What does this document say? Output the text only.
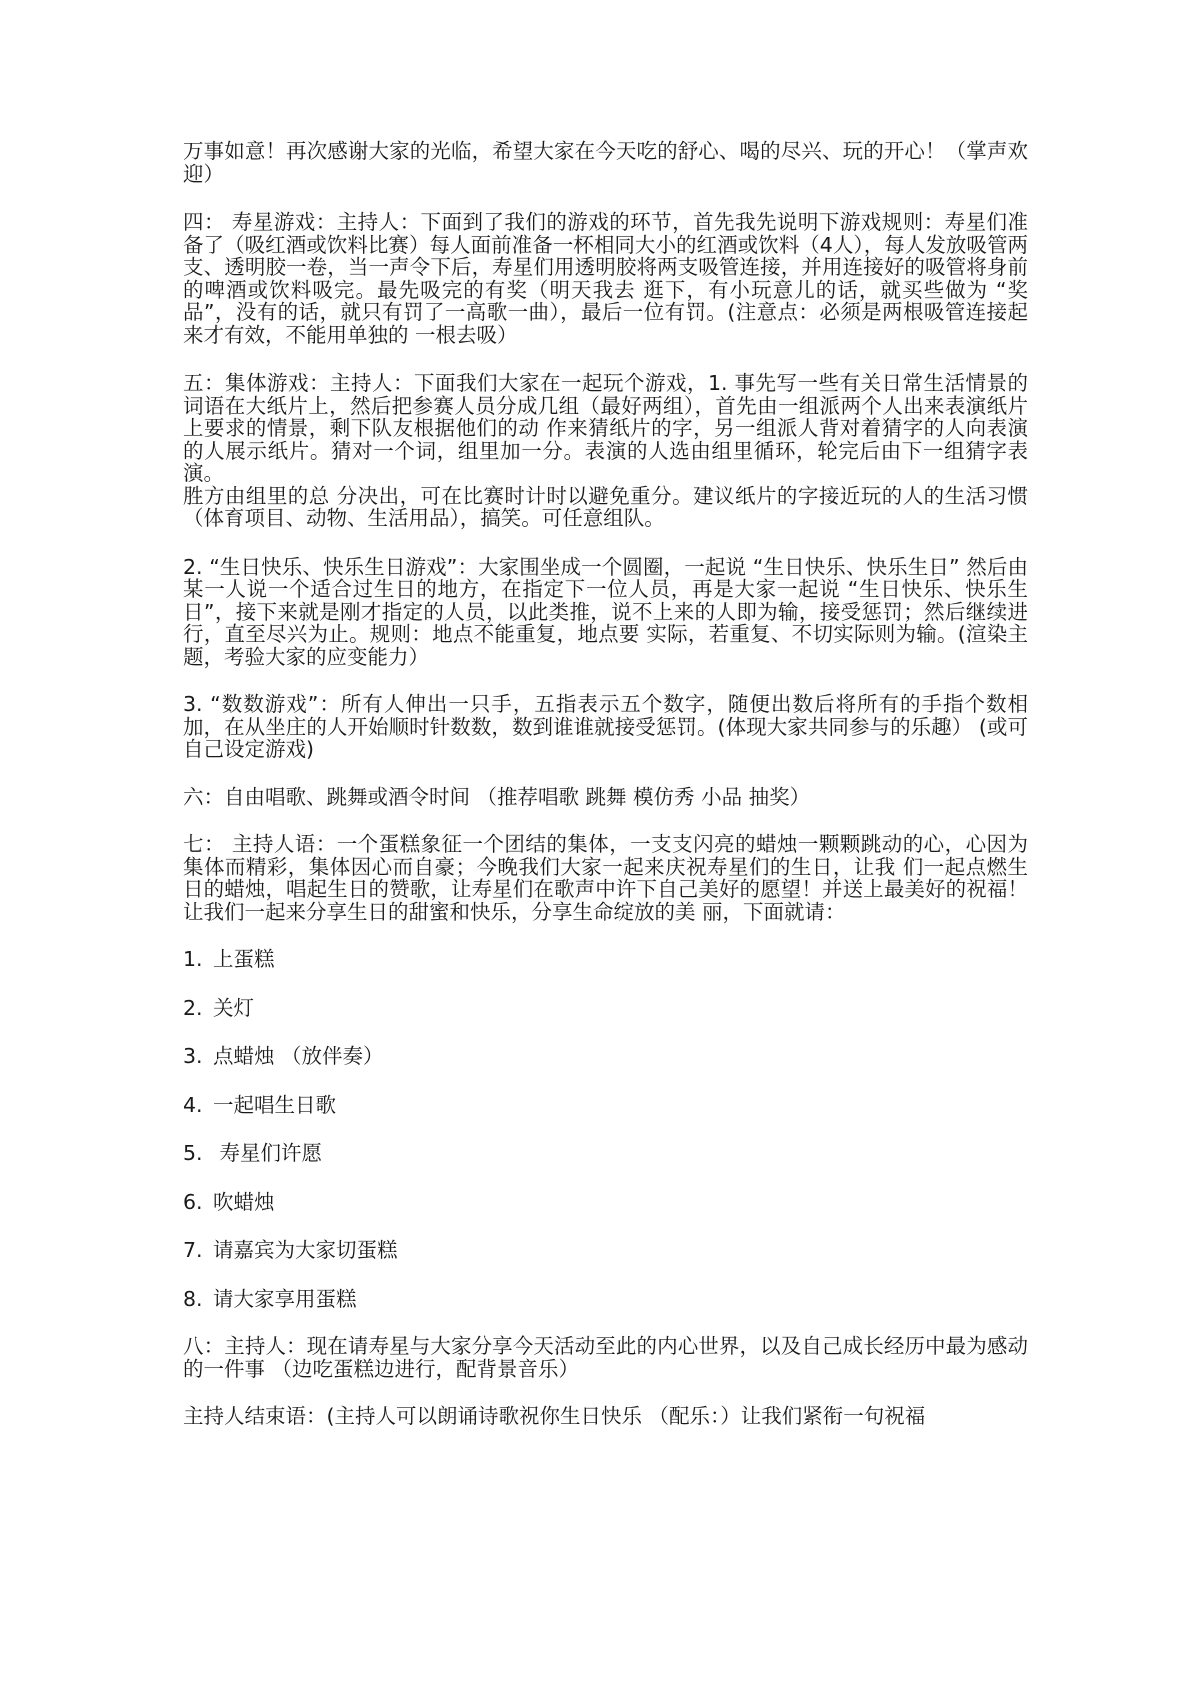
万事如意！再次感谢大家的光临，希望大家在今天吃的舒心、喝的尽兴、玩的开心！（掌声欢迎）

四： 寿星游戏：主持人：下面到了我们的游戏的环节，首先我先说明下游戏规则：寿星们准备了（吸红酒或饮料比赛）每人面前准备一杯相同大小的红酒或饮料（4人），每人发放吸管两支、透明胶一卷，当一声令下后，寿星们用透明胶将两支吸管连接，并用连接好的吸管将身前的啤酒或饮料吸完。最先吸完的有奖（明天我去 逛下，有小玩意儿的话，就买些做为 “奖品”，没有的话，就只有罚了一高歌一曲），最后一位有罚。(注意点：必须是两根吸管连接起来才有效，不能用单独的 一根去吸）

五：集体游戏：主持人：下面我们大家在一起玩个游戏，1. 事先写一些有关日常生活情景的词语在大纸片上，然后把参赛人员分成几组（最好两组），首先由一组派两个人出来表演纸片上要求的情景，剩下队友根据他们的动 作来猜纸片的字，另一组派人背对着猜字的人向表演的人展示纸片。猜对一个词，组里加一分。表演的人选由组里循环，轮完后由下一组猜字表演。

胜方由组里的总 分决出，可在比赛时计时以避免重分。建议纸片的字接近玩的人的生活习惯（体育项目、动物、生活用品），搞笑。可任意组队。

2. “生日快乐、快乐生日游戏”：大家围坐成一个圆圈，一起说 “生日快乐、快乐生日” 然后由某一人说一个适合过生日的地方，在指定下一位人员，再是大家一起说 “生日快乐、快乐生日”，接下来就是刚才指定的人员，以此类推，说不上来的人即为输，接受惩罚；然后继续进行，直至尽兴为止。规则：地点不能重复，地点要 实际，若重复、不切实际则为输。(渲染主题，考验大家的应变能力）

3. “数数游戏”：所有人伸出一只手，五指表示五个数字，随便出数后将所有的手指个数相加，在从坐庄的人开始顺时针数数，数到谁谁就接受惩罚。(体现大家共同参与的乐趣） (或可自己设定游戏)

六：自由唱歌、跳舞或酒令时间 （推荐唱歌 跳舞 模仿秀 小品 抽奖）

七： 主持人语：一个蛋糕象征一个团结的集体，一支支闪亮的蜡烛一颗颗跳动的心，心因为集体而精彩，集体因心而自豪；今晚我们大家一起来庆祝寿星们的生日，让我 们一起点燃生日的蜡烛，唱起生日的赞歌，让寿星们在歌声中许下自己美好的愿望！并送上最美好的祝福！让我们一起来分享生日的甜蜜和快乐，分享生命绽放的美 丽，下面就请：

1. 上蛋糕

2. 关灯

3. 点蜡烛 （放伴奏）

4. 一起唱生日歌

5. 寿星们许愿

6. 吹蜡烛

7. 请嘉宾为大家切蛋糕

8. 请大家享用蛋糕

八：主持人：现在请寿星与大家分享今天活动至此的内心世界，以及自己成长经历中最为感动的一件事 （边吃蛋糕边进行，配背景音乐）

主持人结束语：(主持人可以朗诵诗歌祝你生日快乐 （配乐：）让我们紧衔一句祝福
